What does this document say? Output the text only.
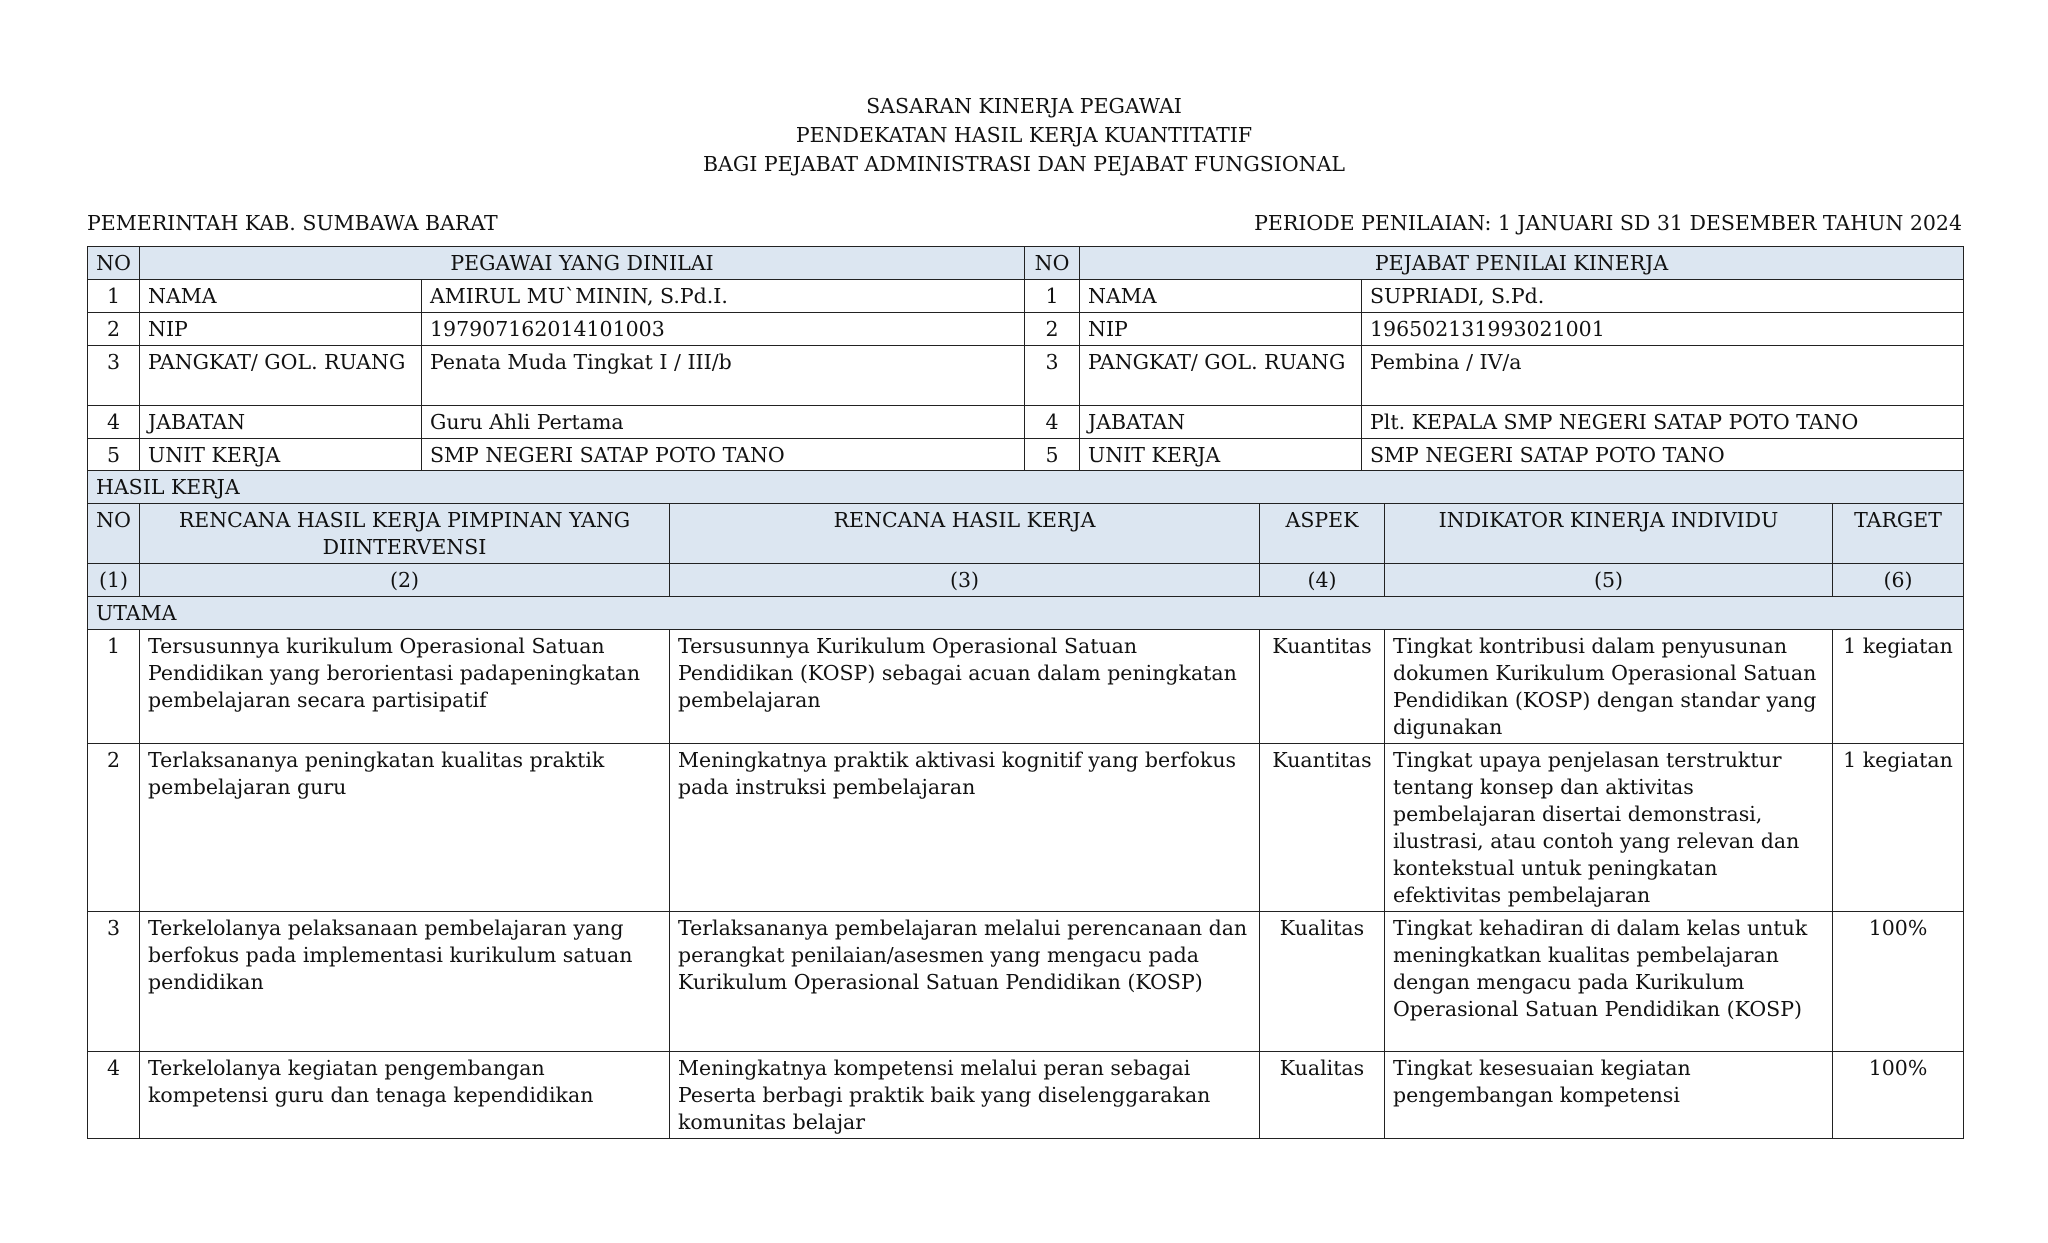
SASARAN KINERJA PEGAWAI
PENDEKATAN HASIL KERJA KUANTITATIF
BAGI PEJABAT ADMINISTRASI DAN PEJABAT FUNGSIONAL
PEMERINTAH KAB. SUMBAWA BARAT	PERIODE PENILAIAN: 1 JANUARI SD 31 DESEMBER TAHUN 2024
NO	PEGAWAI YANG DINILAI		NO	PEJABAT PENILAI KINERJA	
1	NAMA	AMIRUL MU`MININ, S.Pd.I.	1	NAMA	SUPRIADI, S.Pd.
2	NIP	197907162014101003	2	NIP	196502131993021001
3	PANGKAT/ GOL. RUANG	Penata Muda Tingkat I / III/b	3	PANGKAT/ GOL. RUANG	Pembina / IV/a
4	JABATAN	Guru Ahli Pertama	4	JABATAN	Plt. KEPALA SMP NEGERI SATAP POTO TANO
5	UNIT KERJA	SMP NEGERI SATAP POTO TANO	5	UNIT KERJA	SMP NEGERI SATAP POTO TANO
HASIL KERJA					
NO	RENCANA HASIL KERJA PIMPINAN YANG DIINTERVENSI	RENCANA HASIL KERJA	ASPEK	INDIKATOR KINERJA INDIVIDU	TARGET
(1)	(2)	(3)	(4)	(5)	(6)
UTAMA					
1	Tersusunnya kurikulum Operasional Satuan Pendidikan yang berorientasi padapeningkatan pembelajaran secara partisipatif	Tersusunnya Kurikulum Operasional Satuan Pendidikan (KOSP) sebagai acuan dalam peningkatan pembelajaran	Kuantitas	Tingkat kontribusi dalam penyusunan dokumen Kurikulum Operasional Satuan Pendidikan (KOSP) dengan standar yang digunakan	1 kegiatan
2	Terlaksananya peningkatan kualitas praktik pembelajaran guru	Meningkatnya praktik aktivasi kognitif yang berfokus pada instruksi pembelajaran	Kuantitas	Tingkat upaya penjelasan terstruktur tentang konsep dan aktivitas pembelajaran disertai demonstrasi, ilustrasi, atau contoh yang relevan dan kontekstual untuk peningkatan efektivitas pembelajaran	1 kegiatan
3	Terkelolanya pelaksanaan pembelajaran yang berfokus pada implementasi kurikulum satuan pendidikan	Terlaksananya pembelajaran melalui perencanaan dan perangkat penilaian/asesmen yang mengacu pada Kurikulum Operasional Satuan Pendidikan (KOSP)	Kualitas	Tingkat kehadiran di dalam kelas untuk meningkatkan kualitas pembelajaran dengan mengacu pada Kurikulum Operasional Satuan Pendidikan (KOSP)	100%
4	Terkelolanya kegiatan pengembangan kompetensi guru dan tenaga kependidikan	Meningkatnya kompetensi melalui peran sebagai Peserta berbagi praktik baik yang diselenggarakan komunitas belajar	Kualitas	Tingkat kesesuaian kegiatan pengembangan kompetensi	100%
